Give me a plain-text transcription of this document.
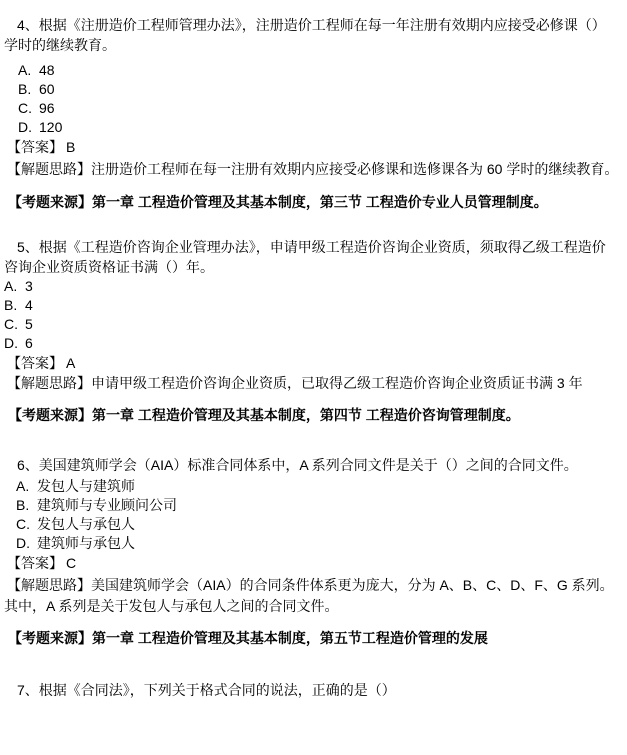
4、根据《注册造价工程师管理办法》，注册造价工程师在每一年注册有效期内应接受必修课（）
学时的继续教育。
A. 48
B. 60
C. 96
D. 120
【答案】 B
【解题思路】注册造价工程师在每一注册有效期内应接受必修课和选修课各为 60 学时的继续教育。
【考题来源】第一章 工程造价管理及其基本制度，第三节 工程造价专业人员管理制度。
5、根据《工程造价咨询企业管理办法》，申请甲级工程造价咨询企业资质，须取得乙级工程造价
咨询企业资质资格证书满（）年。
A. 3
B. 4
C. 5
D. 6
【答案】 A
【解题思路】申请甲级工程造价咨询企业资质，已取得乙级工程造价咨询企业资质证书满 3 年
【考题来源】第一章 工程造价管理及其基本制度，第四节 工程造价咨询管理制度。
6、美国建筑师学会（AIA）标准合同体系中，A 系列合同文件是关于（）之间的合同文件。
A. 发包人与建筑师
B. 建筑师与专业顾问公司
C. 发包人与承包人
D. 建筑师与承包人
【答案】 C
【解题思路】美国建筑师学会（AIA）的合同条件体系更为庞大，分为 A、B、C、D、F、G 系列。
其中，A 系列是关于发包人与承包人之间的合同文件。
【考题来源】第一章 工程造价管理及其基本制度，第五节工程造价管理的发展
7、根据《合同法》，下列关于格式合同的说法，正确的是（）
